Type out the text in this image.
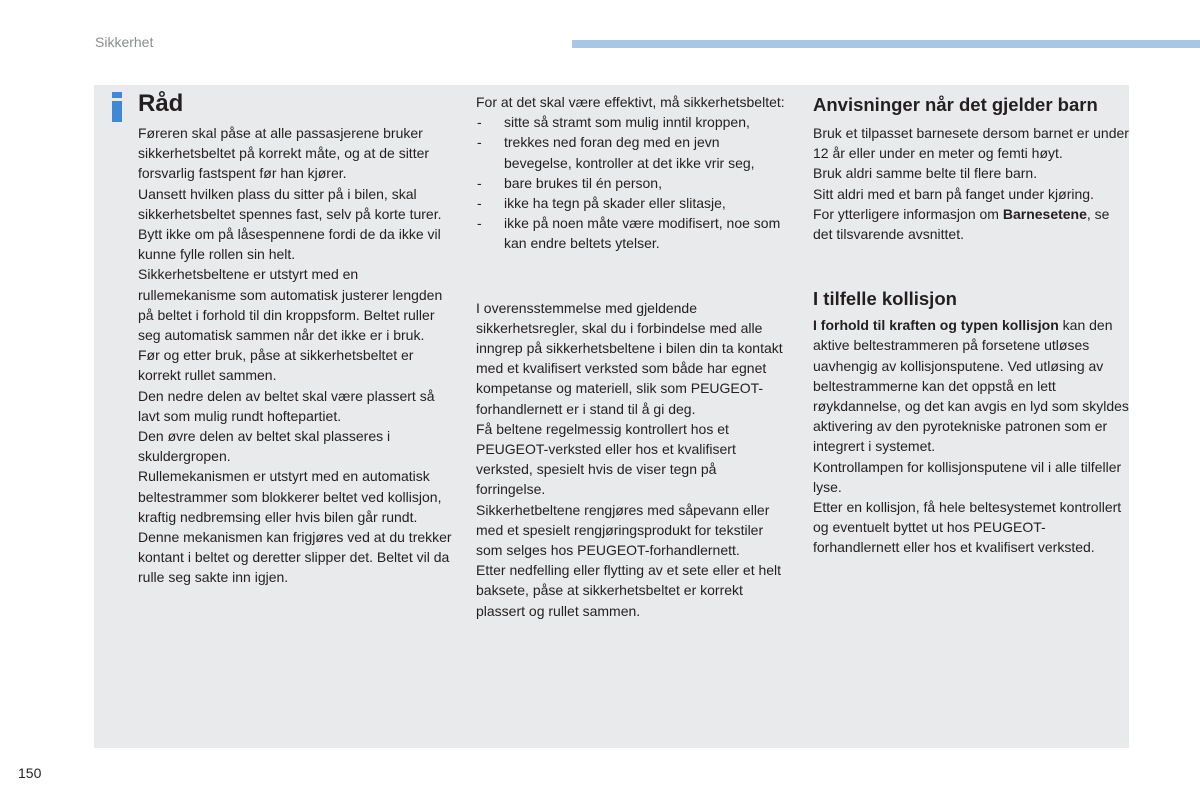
Sikkerhet
Råd

Føreren skal påse at alle passasjerene bruker sikkerhetsbeltet på korrekt måte, og at de sitter forsvarlig fastspent før han kjører.

Uansett hvilken plass du sitter på i bilen, skal sikkerhetsbeltet spennes fast, selv på korte turer.

Bytt ikke om på låsespennene fordi de da ikke vil kunne fylle rollen sin helt.

Sikkerhetsbeltene er utstyrt med en rullemekanisme som automatisk justerer lengden på beltet i forhold til din kroppsform. Beltet ruller seg automatisk sammen når det ikke er i bruk.

Før og etter bruk, påse at sikkerhetsbeltet er korrekt rullet sammen.

Den nedre delen av beltet skal være plassert så lavt som mulig rundt hoftepartiet.

Den øvre delen av beltet skal plasseres i skuldergropen.

Rullemekanismen er utstyrt med en automatisk beltestrammer som blokkerer beltet ved kollisjon, kraftig nedbremsing eller hvis bilen går rundt. Denne mekanismen kan frigjøres ved at du trekker kontant i beltet og deretter slipper det. Beltet vil da rulle seg sakte inn igjen.

For at det skal være effektivt, må sikkerhetsbeltet:

- sitte så stramt som mulig inntil kroppen,
- trekkes ned foran deg med en jevn bevegelse, kontroller at det ikke vrir seg,
- bare brukes til én person,
- ikke ha tegn på skader eller slitasje,
- ikke på noen måte være modifisert, noe som kan endre beltets ytelser.

I overensstemmelse med gjeldende sikkerhetsregler, skal du i forbindelse med alle inngrep på sikkerhetsbeltene i bilen din ta kontakt med et kvalifisert verksted som både har egnet kompetanse og materiell, slik som PEUGEOT-forhandlernett er i stand til å gi deg.

Få beltene regelmessig kontrollert hos et PEUGEOT-verksted eller hos et kvalifisert verksted, spesielt hvis de viser tegn på forringelse.

Sikkerhetbeltene rengjøres med såpevann eller med et spesielt rengjøringsprodukt for tekstiler som selges hos PEUGEOT-forhandlernett.

Etter nedfelling eller flytting av et sete eller et helt baksete, påse at sikkerhetsbeltet er korrekt plassert og rullet sammen.

Anvisninger når det gjelder barn

Bruk et tilpasset barnesete dersom barnet er under 12 år eller under en meter og femti høyt.

Bruk aldri samme belte til flere barn.

Sitt aldri med et barn på fanget under kjøring.

For ytterligere informasjon om Barnesetene, se det tilsvarende avsnittet.

I tilfelle kollisjon

I forhold til kraften og typen kollisjon kan den aktive beltestrammeren på forsetene utløses uavhengig av kollisjonsputene. Ved utløsing av beltestrammerne kan det oppstå en lett røykdannelse, og det kan avgis en lyd som skyldes aktivering av den pyrotekniske patronen som er integrert i systemet.

Kontrollampen for kollisjonsputene vil i alle tilfeller lyse.

Etter en kollisjon, få hele beltesystemet kontrollert og eventuelt byttet ut hos PEUGEOT-forhandlernett eller hos et kvalifisert verksted.

150
